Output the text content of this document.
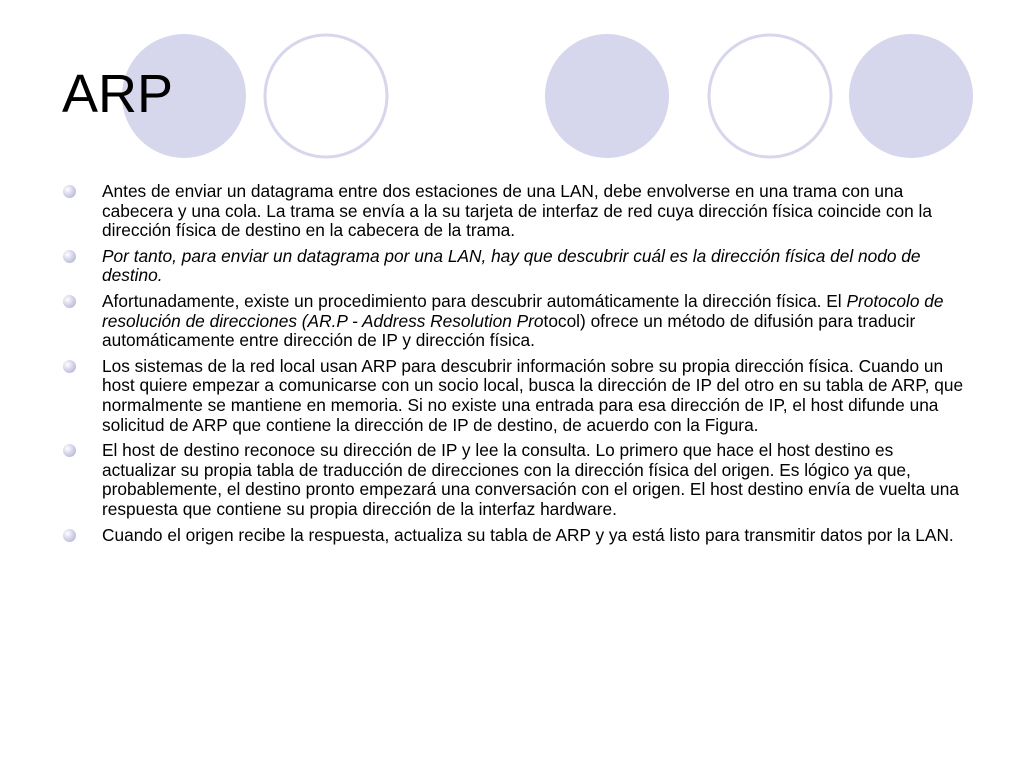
ARP
Antes de enviar un datagrama entre dos estaciones de una LAN, debe envolverse en una trama con una cabecera y una cola. La trama se envía a la su tarjeta de interfaz de red cuya dirección física coincide con la dirección física de destino en la cabecera de la trama.
Por tanto, para enviar un datagrama por una LAN, hay que descubrir cuál es la dirección física del nodo de destino.
Afortunadamente, existe un procedimiento para descubrir automáticamente la dirección física. El Protocolo de resolución de direcciones (AR.P - Address Resolution Protocol) ofrece un método de difusión para traducir automáticamente entre dirección de IP y dirección física.
Los sistemas de la red local usan ARP para descubrir información sobre su propia dirección física. Cuando un host quiere empezar a comunicarse con un socio local, busca la dirección de IP del otro en su tabla de ARP, que normalmente se mantiene en memoria. Si no existe una entrada para esa dirección de IP, el host difunde una solicitud de ARP que contiene la dirección de IP de destino, de acuerdo con la Figura.
El host de destino reconoce su dirección de IP y lee la consulta. Lo primero que hace el host destino es actualizar su propia tabla de traducción de direcciones con la dirección física del origen. Es lógico ya que, probablemente, el destino pronto empezará una conversación con el origen. El host destino envía de vuelta una respuesta que contiene su propia dirección de la interfaz hardware.
Cuando el origen recibe la respuesta, actualiza su tabla de ARP y ya está listo para transmitir datos por la LAN.
